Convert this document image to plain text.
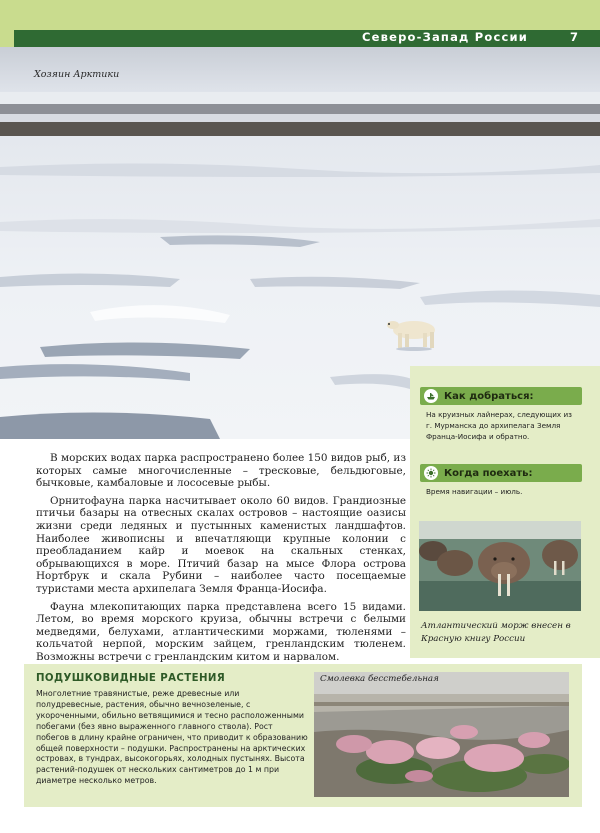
Северо-Запад России	7
Хозяин Арктики
Как добраться:
На круизных лайнерах, следующих из г. Мурманска до архипелага Земля Франца-Иосифа и обратно.
Когда поехать:
Время навигации – июль.
Атлантический морж внесен в Красную книгу России

В морских водах парка распространено более 150 видов рыб, из которых самые многочисленные – тресковые, бельдюговые, бычковые, камбаловые и лососевые рыбы.

Орнитофауна парка насчитывает около 60 видов. Грандиозные птичьи базары на отвесных скалах островов – настоящие оазисы жизни среди ледяных и пустынных каменистых ландшафтов. Наиболее живописны и впечатляющи крупные колонии с преобладанием кайр и моевок на скальных стенках, обрывающихся в море. Птичий базар на мысе Флора острова Нортбрук и скала Рубини – наиболее часто посещаемые туристами места архипелага Земля Франца-Иосифа.

Фауна млекопитающих парка представлена всего 15 видами. Летом, во время морского круиза, обычны встречи с белыми медведями, белухами, атлантическими моржами, тюленями – кольчатой нерпой, морским зайцем, гренландским тюленем. Возможны встречи с гренландским китом и нарвалом.

ПОДУШКОВИДНЫЕ РАСТЕНИЯ
Многолетние травянистые, реже древесные или полудревесные, растения, обычно вечнозеленые, с укороченными, обильно ветвящимися и тесно расположенными побегами (без явно выраженного главного ствола). Рост побегов в длину крайне ограничен, что приводит к образованию общей поверхности – подушки. Распространены на арктических островах, в тундрах, высокогорьях, холодных пустынях. Высота растений-подушек от нескольких сантиметров до 1 м при диаметре несколько метров.
Смолевка бесстебельная
